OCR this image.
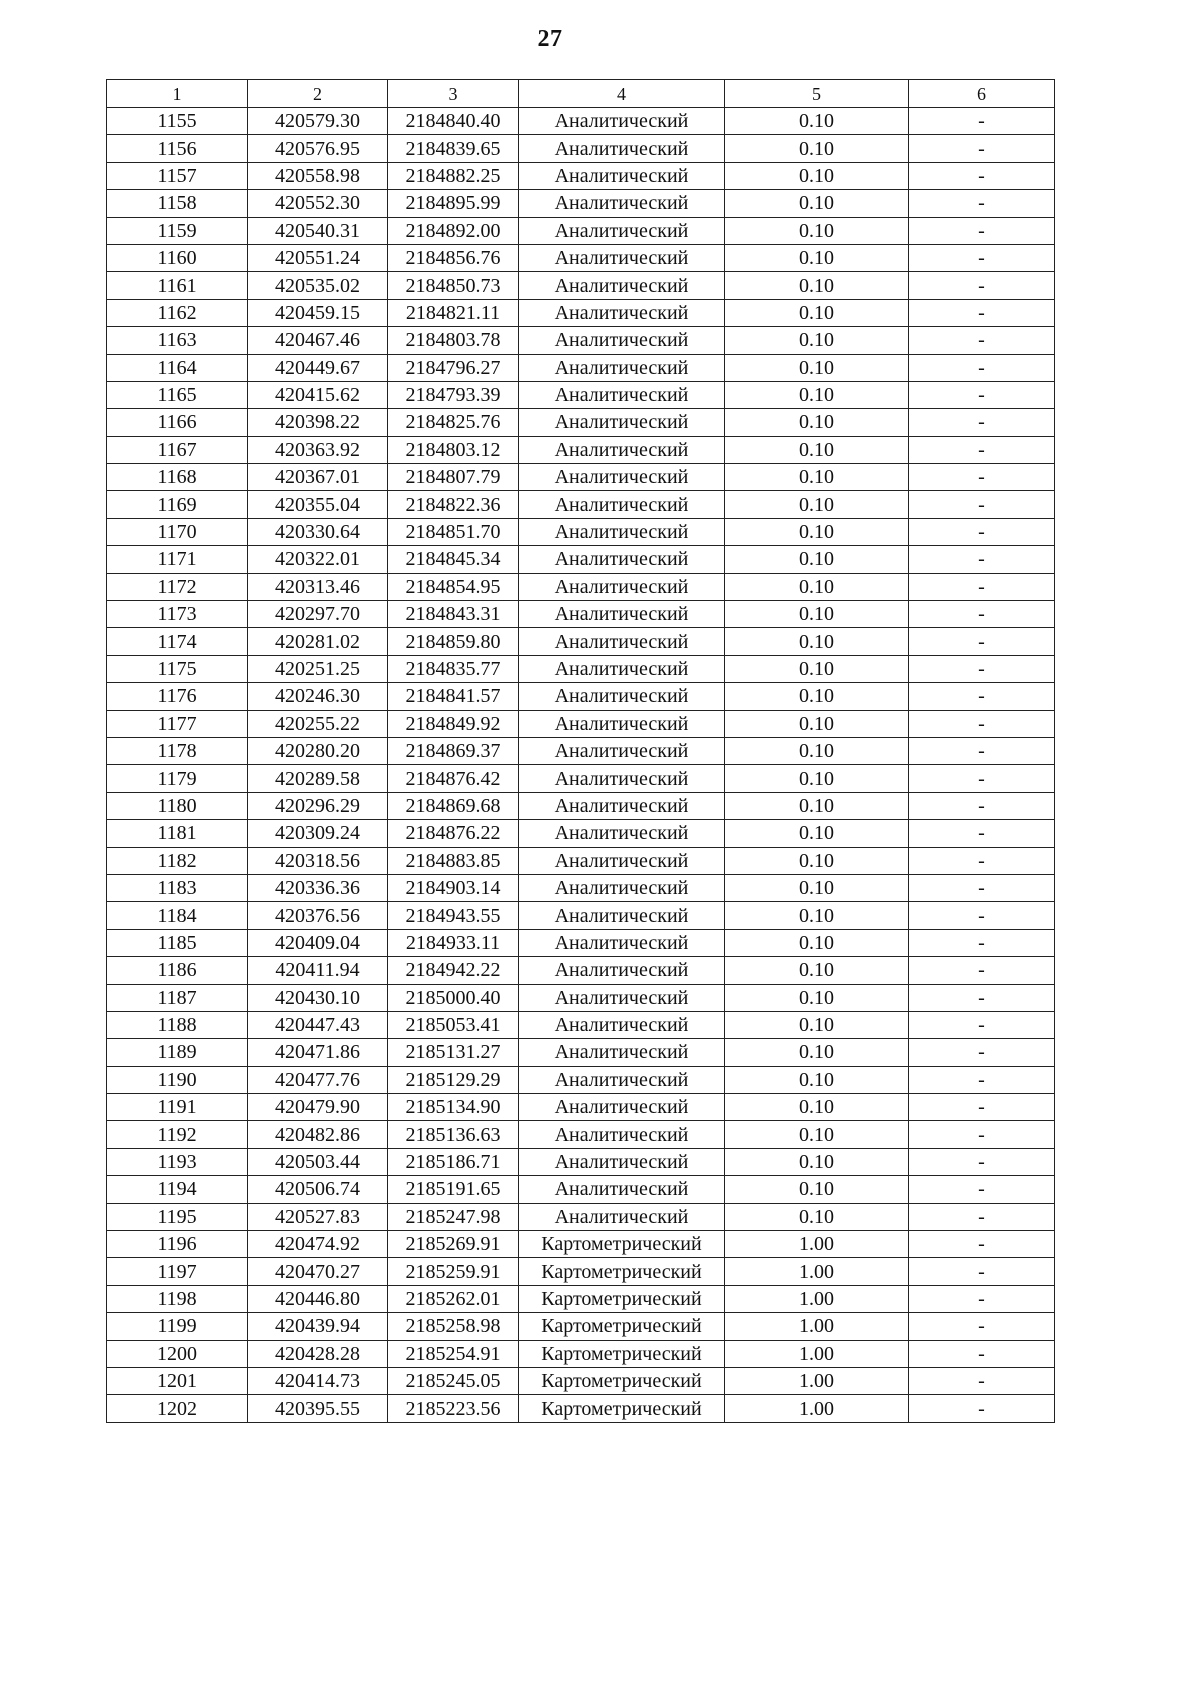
27
1	2	3	4	5	6
1155	420579.30	2184840.40	Аналитический	0.10	-
1156	420576.95	2184839.65	Аналитический	0.10	-
1157	420558.98	2184882.25	Аналитический	0.10	-
1158	420552.30	2184895.99	Аналитический	0.10	-
1159	420540.31	2184892.00	Аналитический	0.10	-
1160	420551.24	2184856.76	Аналитический	0.10	-
1161	420535.02	2184850.73	Аналитический	0.10	-
1162	420459.15	2184821.11	Аналитический	0.10	-
1163	420467.46	2184803.78	Аналитический	0.10	-
1164	420449.67	2184796.27	Аналитический	0.10	-
1165	420415.62	2184793.39	Аналитический	0.10	-
1166	420398.22	2184825.76	Аналитический	0.10	-
1167	420363.92	2184803.12	Аналитический	0.10	-
1168	420367.01	2184807.79	Аналитический	0.10	-
1169	420355.04	2184822.36	Аналитический	0.10	-
1170	420330.64	2184851.70	Аналитический	0.10	-
1171	420322.01	2184845.34	Аналитический	0.10	-
1172	420313.46	2184854.95	Аналитический	0.10	-
1173	420297.70	2184843.31	Аналитический	0.10	-
1174	420281.02	2184859.80	Аналитический	0.10	-
1175	420251.25	2184835.77	Аналитический	0.10	-
1176	420246.30	2184841.57	Аналитический	0.10	-
1177	420255.22	2184849.92	Аналитический	0.10	-
1178	420280.20	2184869.37	Аналитический	0.10	-
1179	420289.58	2184876.42	Аналитический	0.10	-
1180	420296.29	2184869.68	Аналитический	0.10	-
1181	420309.24	2184876.22	Аналитический	0.10	-
1182	420318.56	2184883.85	Аналитический	0.10	-
1183	420336.36	2184903.14	Аналитический	0.10	-
1184	420376.56	2184943.55	Аналитический	0.10	-
1185	420409.04	2184933.11	Аналитический	0.10	-
1186	420411.94	2184942.22	Аналитический	0.10	-
1187	420430.10	2185000.40	Аналитический	0.10	-
1188	420447.43	2185053.41	Аналитический	0.10	-
1189	420471.86	2185131.27	Аналитический	0.10	-
1190	420477.76	2185129.29	Аналитический	0.10	-
1191	420479.90	2185134.90	Аналитический	0.10	-
1192	420482.86	2185136.63	Аналитический	0.10	-
1193	420503.44	2185186.71	Аналитический	0.10	-
1194	420506.74	2185191.65	Аналитический	0.10	-
1195	420527.83	2185247.98	Аналитический	0.10	-
1196	420474.92	2185269.91	Картометрический	1.00	-
1197	420470.27	2185259.91	Картометрический	1.00	-
1198	420446.80	2185262.01	Картометрический	1.00	-
1199	420439.94	2185258.98	Картометрический	1.00	-
1200	420428.28	2185254.91	Картометрический	1.00	-
1201	420414.73	2185245.05	Картометрический	1.00	-
1202	420395.55	2185223.56	Картометрический	1.00	-
